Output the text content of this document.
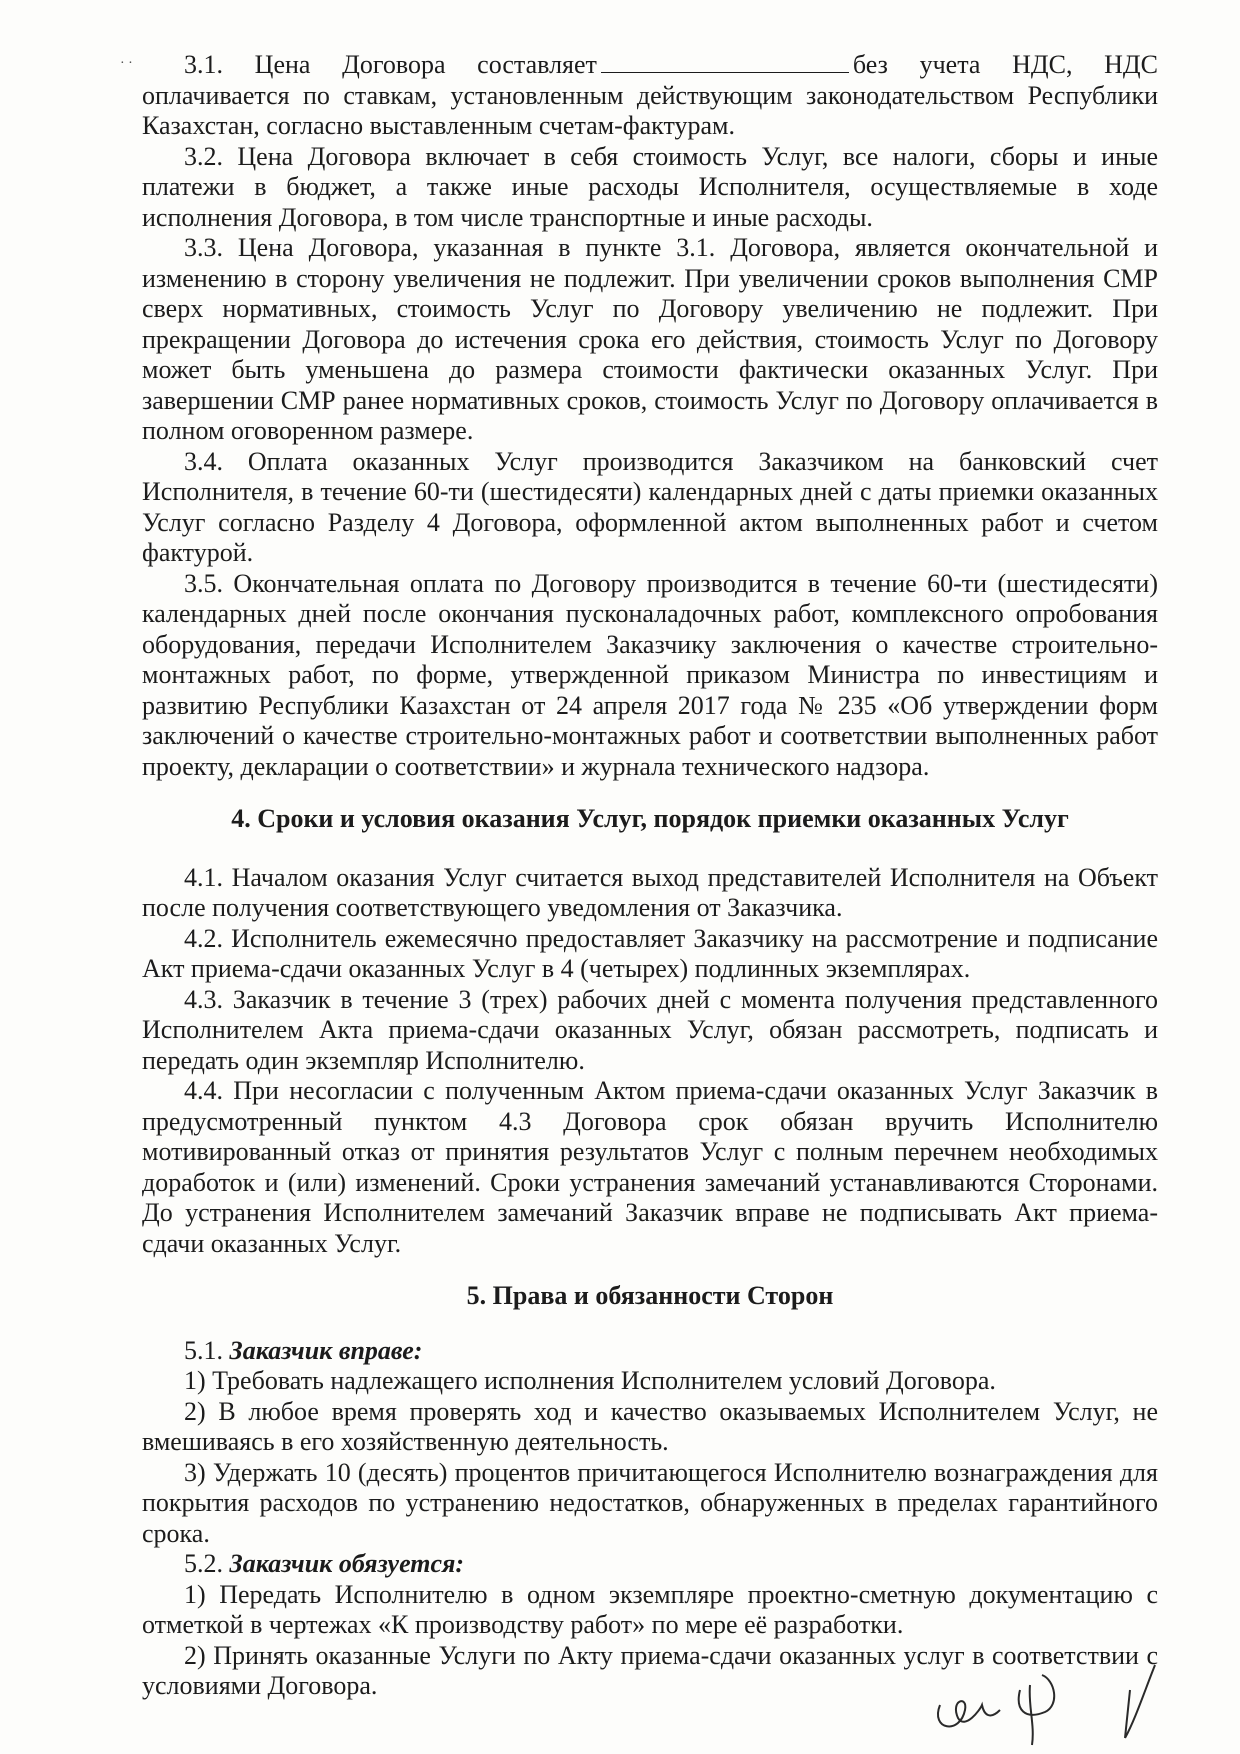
· ·	3.1. Цена Договора составляет	без учета НДС, НДС оплачивается по ставкам, установленным действующим законодательством Республики Казахстан, согласно выставленным счетам-фактурам.

3.2. Цена Договора включает в себя стоимость Услуг, все налоги, сборы и иные платежи в бюджет, а также иные расходы Исполнителя, осуществляемые в ходе исполнения Договора, в том числе транспортные и иные расходы.

3.3. Цена Договора, указанная в пункте 3.1. Договора, является окончательной и изменению в сторону увеличения не подлежит. При увеличении сроков выполнения СМР сверх нормативных, стоимость Услуг по Договору увеличению не подлежит. При прекращении Договора до истечения срока его действия, стоимость Услуг по Договору может быть уменьшена до размера стоимости фактически оказанных Услуг. При завершении СМР ранее нормативных сроков, стоимость Услуг по Договору оплачивается в полном оговоренном размере.

3.4. Оплата оказанных Услуг производится Заказчиком на банковский счет Исполнителя, в течение 60-ти (шестидесяти) календарных дней с даты приемки оказанных Услуг согласно Разделу 4 Договора, оформленной актом выполненных работ и счетом фактурой.

3.5. Окончательная оплата по Договору производится в течение 60-ти (шестидесяти) календарных дней после окончания пусконаладочных работ, комплексного опробования оборудования, передачи Исполнителем Заказчику заключения о качестве строительно-монтажных работ, по форме, утвержденной приказом Министра по инвестициям и развитию Республики Казахстан от 24 апреля 2017 года № 235 «Об утверждении форм заключений о качестве строительно-монтажных работ и соответствии выполненных работ проекту, декларации о соответствии» и журнала технического надзора.

4. Сроки и условия оказания Услуг, порядок приемки оказанных Услуг

4.1. Началом оказания Услуг считается выход представителей Исполнителя на Объект после получения соответствующего уведомления от Заказчика.

4.2. Исполнитель ежемесячно предоставляет Заказчику на рассмотрение и подписание Акт приема-сдачи оказанных Услуг в 4 (четырех) подлинных экземплярах.

4.3. Заказчик в течение 3 (трех) рабочих дней с момента получения представленного Исполнителем Акта приема-сдачи оказанных Услуг, обязан рассмотреть, подписать и передать один экземпляр Исполнителю.

4.4. При несогласии с полученным Актом приема-сдачи оказанных Услуг Заказчик в предусмотренный пунктом 4.3 Договора срок обязан вручить Исполнителю мотивированный отказ от принятия результатов Услуг с полным перечнем необходимых доработок и (или) изменений. Сроки устранения замечаний устанавливаются Сторонами. До устранения Исполнителем замечаний Заказчик вправе не подписывать Акт приема-сдачи оказанных Услуг.

5. Права и обязанности Сторон

5.1. Заказчик вправе:

1) Требовать надлежащего исполнения Исполнителем условий Договора.

2) В любое время проверять ход и качество оказываемых Исполнителем Услуг, не вмешиваясь в его хозяйственную деятельность.

3) Удержать 10 (десять) процентов причитающегося Исполнителю вознаграждения для покрытия расходов по устранению недостатков, обнаруженных в пределах гарантийного срока.

5.2. Заказчик обязуется:

1) Передать Исполнителю в одном экземпляре проектно-сметную документацию с отметкой в чертежах «К производству работ» по мере её разработки.

2) Принять оказанные Услуги по Акту приема-сдачи оказанных услуг в соответствии с условиями Договора.
